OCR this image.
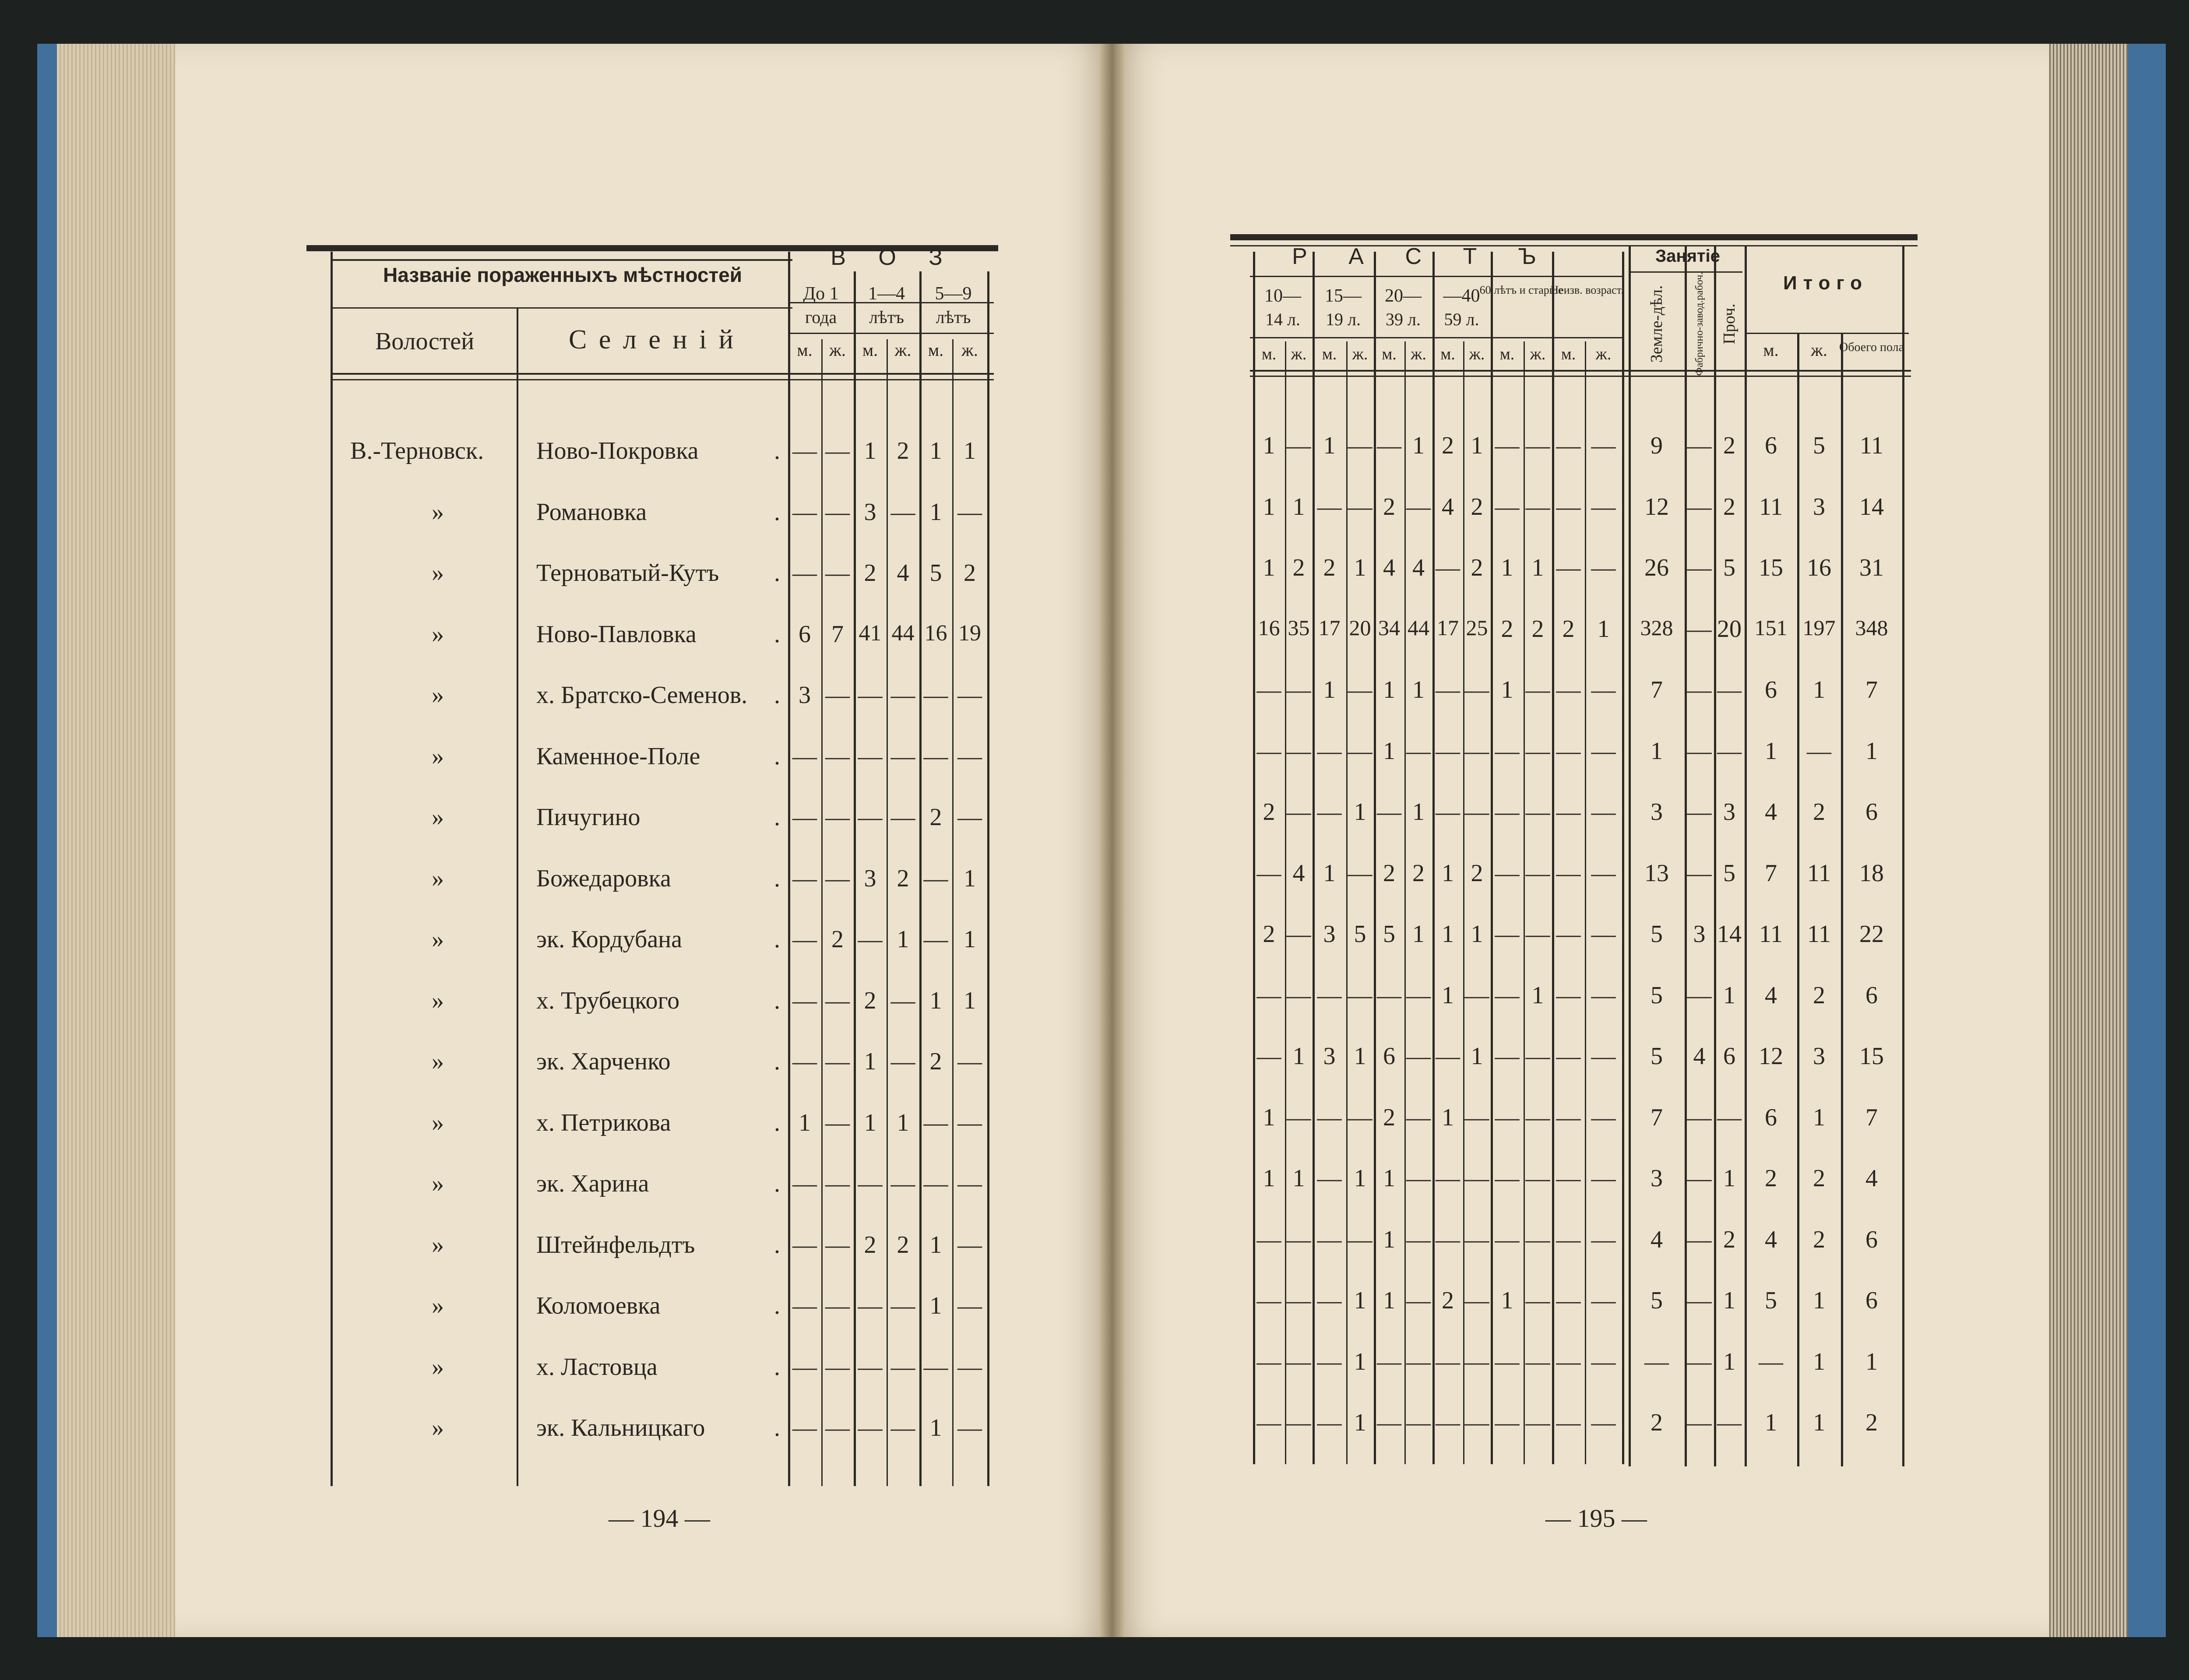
— 194 —	— 195 —
Названіе пораженныхъ мѣстностей
Волостей	С е л е н і й
В О З
До 1
года
1—4
лѣтъ
5—9
лѣтъ
м. ж. м. ж. м. ж.
В.-Терновск. Ново-Покровка	. — — 1 2 1 1
»	Романовка	. — — 3 — 1 —
»	Терноватый-Кутъ . — — 2 4 5 2
»	Ново-Павловка	. 6 7 41 44 16 19
»	х. Братско-Семенов. . 3 — — — — —
»	Каменное-Поле	. — — — — — —
»	Пичугино	. — — — — 2 —
»	Божедаровка	. — — 3 2 — 1
»	эк. Кордубана	. — 2 — 1 — 1
»	х. Трубецкого	. — — 2 — 1 1
»	эк. Харченко	. — — 1 — 2 —
»	х. Петрикова	. 1 — 1 1 — —
»	эк. Харина	. — — — — — —
»	Штейнфельдтъ	. — — 2 2 1 —
»	Коломоевка	. — — — — 1 —
»	х. Ластовца	. — — — — — —
»	эк. Кальницкаго	. — — — — 1 —
Р А С Т Ъ	Занятіе
Итого
10—
14 л.
15—
19 л.
20—
39 л.
—40
59 л.
60 лѣтъ и старше
Неизв. возраст.
м. ж. м. ж. м. ж. м. ж. м. ж. м. ж. Земле-дѣл.	Фабрично-завод.рабоч. Проч.
м. ж. Обоего пола
1 — 1 — — 1 2 1 — — — — 9 — 2 6 5 11
1 1 — — 2 — 4 2 — — — — 12 — 2 11 3 14
1 2 2 1 4 4 — 2 1 1 — — 26 — 5 15 16 31
16 35 17 20 34 44 17 25 2 2 2 1 328 — 20 151 197 348
— — 1 — 1 1 — — 1 — — — 7 — — 6 1 7
— — — — 1 — — — — — — — 1 — — 1 — 1
2 — — 1 — 1 — — — — — — 3 — 3 4 2 6
— 4 1 — 2 2 1 2 — — — — 13 — 5 7 11 18
2 — 3 5 5 1 1 1 — — — — 5 3 14 11 11 22
— — — — — — 1 — — 1 — — 5 — 1 4 2 6
— 1 3 1 6 — — 1 — — — — 5 4 6 12 3 15
1 — — — 2 — 1 — — — — — 7 — — 6 1 7
1 1 — 1 1 — — — — — — — 3 — 1 2 2 4
— — — — 1 — — — — — — — 4 — 2 4 2 6
— — — 1 1 — 2 — 1 — — — 5 — 1 5 1 6
— — — 1 — — — — — — — — — — 1 — 1 1
— — — 1 — — — — — — — — 2 — — 1 1 2
